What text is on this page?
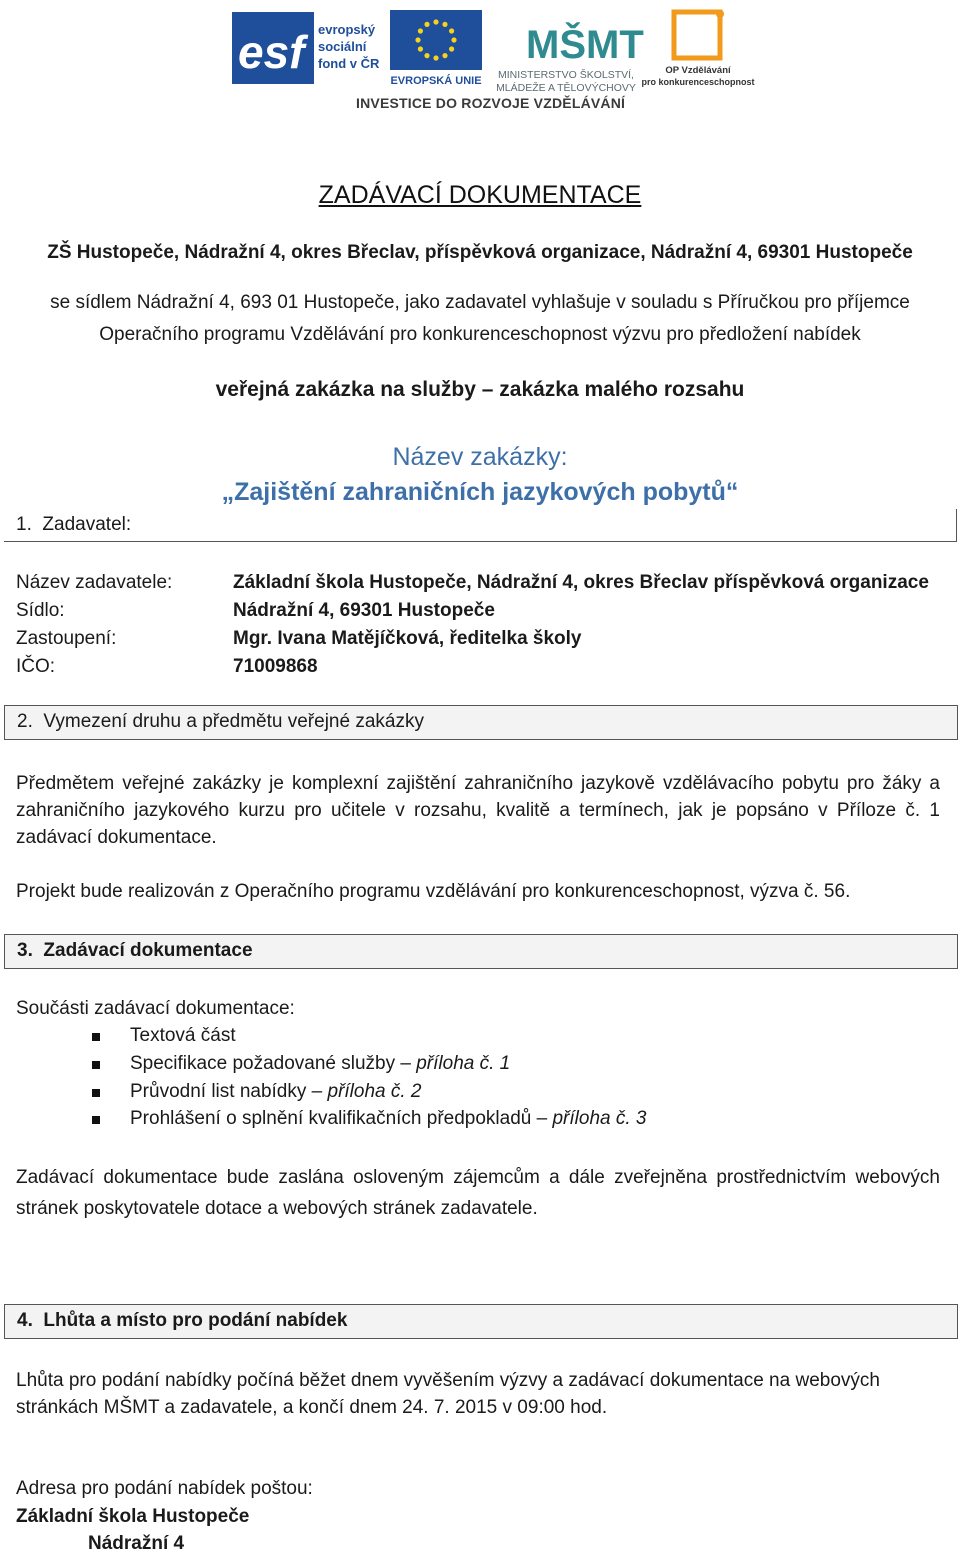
esf	evropský
sociální
fond v ČR
EVROPSKÁ UNIE
MŠMT
MINISTERSTVO ŠKOLSTVÍ,
MLÁDEŽE A TĚLOVÝCHOVY
OP Vzdělávání
pro konkurenceschopnost
INVESTICE DO ROZVOJE VZDĚLÁVÁNÍ
ZADÁVACÍ DOKUMENTACE
ZŠ Hustopeče, Nádražní 4, okres Břeclav, příspěvková organizace, Nádražní 4, 69301 Hustopeče
se sídlem Nádražní 4, 693 01 Hustopeče, jako zadavatel vyhlašuje v souladu s Příručkou pro příjemce
Operačního programu Vzdělávání pro konkurenceschopnost výzvu pro předložení nabídek
veřejná zakázka na služby – zakázka malého rozsahu
Název zakázky:
„Zajištění zahraničních jazykových pobytů“
1. Zadavatel:
Název zadavatele:	Základní škola Hustopeče, Nádražní 4, okres Břeclav příspěvková organizace
Sídlo:	Nádražní 4, 69301 Hustopeče
Zastoupení:	Mgr. Ivana Matějíčková, ředitelka školy
IČO:	71009868
2. Vymezení druhu a předmětu veřejné zakázky
Předmětem veřejné zakázky je komplexní zajištění zahraničního jazykově vzdělávacího pobytu pro žáky a zahraničního jazykového kurzu pro učitele v rozsahu, kvalitě a termínech, jak je popsáno v Příloze č. 1 zadávací dokumentace.
Projekt bude realizován z Operačního programu vzdělávání pro konkurenceschopnost, výzva č. 56.
3. Zadávací dokumentace
Součásti zadávací dokumentace:
Textová část
Specifikace požadované služby – příloha č. 1
Průvodní list nabídky – příloha č. 2
Prohlášení o splnění kvalifikačních předpokladů – příloha č. 3
Zadávací dokumentace bude zaslána osloveným zájemcům a dále zveřejněna prostřednictvím webových stránek poskytovatele dotace a webových stránek zadavatele.
4. Lhůta a místo pro podání nabídek
Lhůta pro podání nabídky počíná běžet dnem vyvěšením výzvy a zadávací dokumentace na webových stránkách MŠMT a zadavatele, a končí dnem 24. 7. 2015 v 09:00 hod.
Adresa pro podání nabídek poštou:
Základní škola Hustopeče
Nádražní 4
